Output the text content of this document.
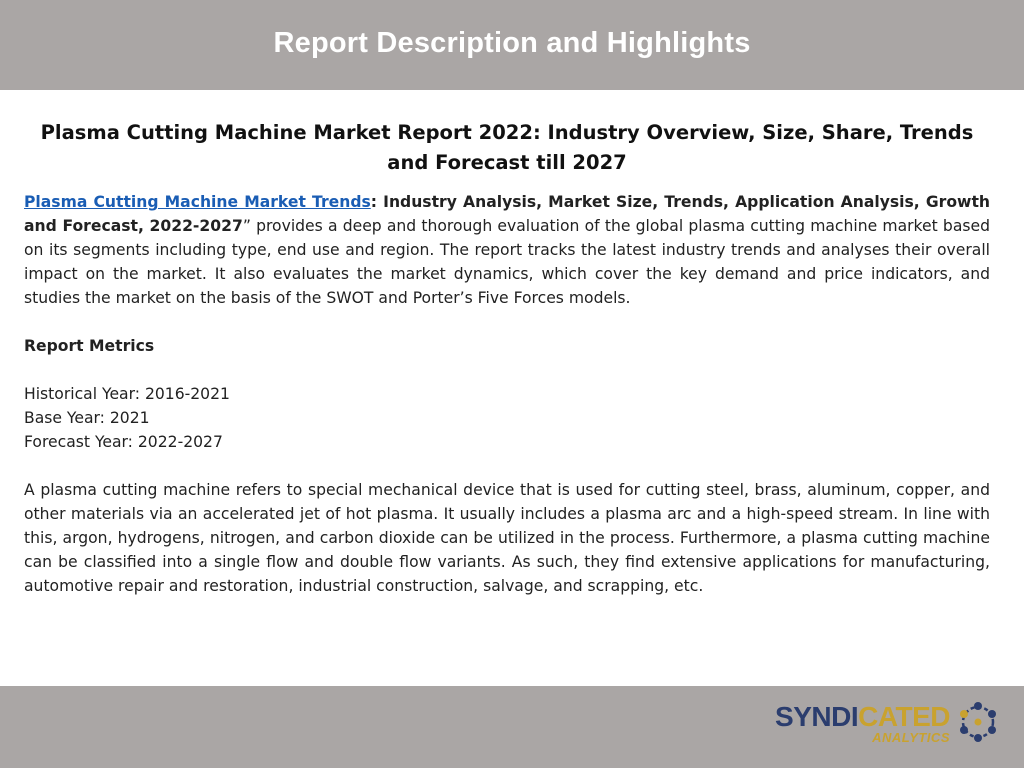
Report Description and Highlights
Plasma Cutting Machine Market Report 2022: Industry Overview, Size, Share, Trends and Forecast till 2027

Plasma Cutting Machine Market Trends: Industry Analysis, Market Size, Trends, Application Analysis, Growth and Forecast, 2022-2027” provides a deep and thorough evaluation of the global plasma cutting machine market based on its segments including type, end use and region. The report tracks the latest industry trends and analyses their overall impact on the market. It also evaluates the market dynamics, which cover the key demand and price indicators, and studies the market on the basis of the SWOT and Porter’s Five Forces models.

Report Metrics
Historical Year: 2016-2021
Base Year: 2021
Forecast Year: 2022-2027

A plasma cutting machine refers to special mechanical device that is used for cutting steel, brass, aluminum, copper, and other materials via an accelerated jet of hot plasma. It usually includes a plasma arc and a high-speed stream. In line with this, argon, hydrogens, nitrogen, and carbon dioxide can be utilized in the process. Furthermore, a plasma cutting machine can be classified into a single flow and double flow variants. As such, they find extensive applications for manufacturing, automotive repair and restoration, industrial construction, salvage, and scrapping, etc.

SYNDICATED
ANALYTICS
